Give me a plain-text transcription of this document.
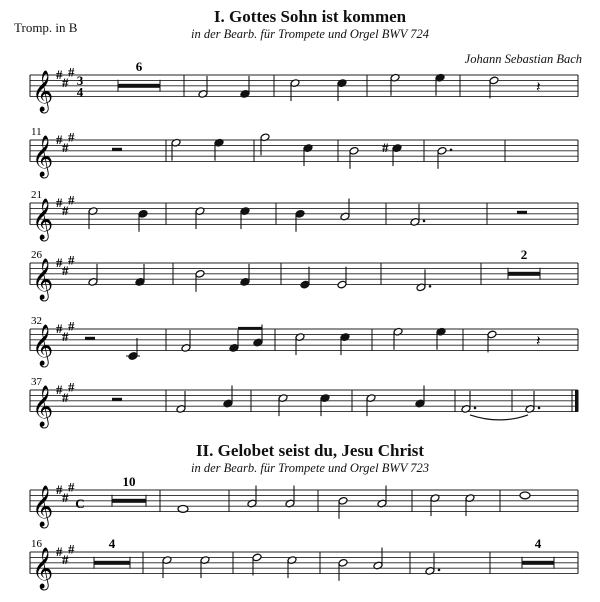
Tromp. in B
I. Gottes Sohn ist kommen
in der Bearb. für Trompete und Orgel BWV 724
Johann Sebastian Bach
II. Gelobet seist du, Jesu Christ
in der Bearb. für Trompete und Orgel BWV 723
𝄞 #
#
#
3
4
6
𝄽
𝄞 #
#
#
11
#
𝄞 #
#
#
21
𝄞 #
#
#
26	2
𝄞 #
#
#
32
𝄽
𝄞 #
#
#
37
𝄞 #
#
#
C
10
𝄞 #
#
#
16	4	4
